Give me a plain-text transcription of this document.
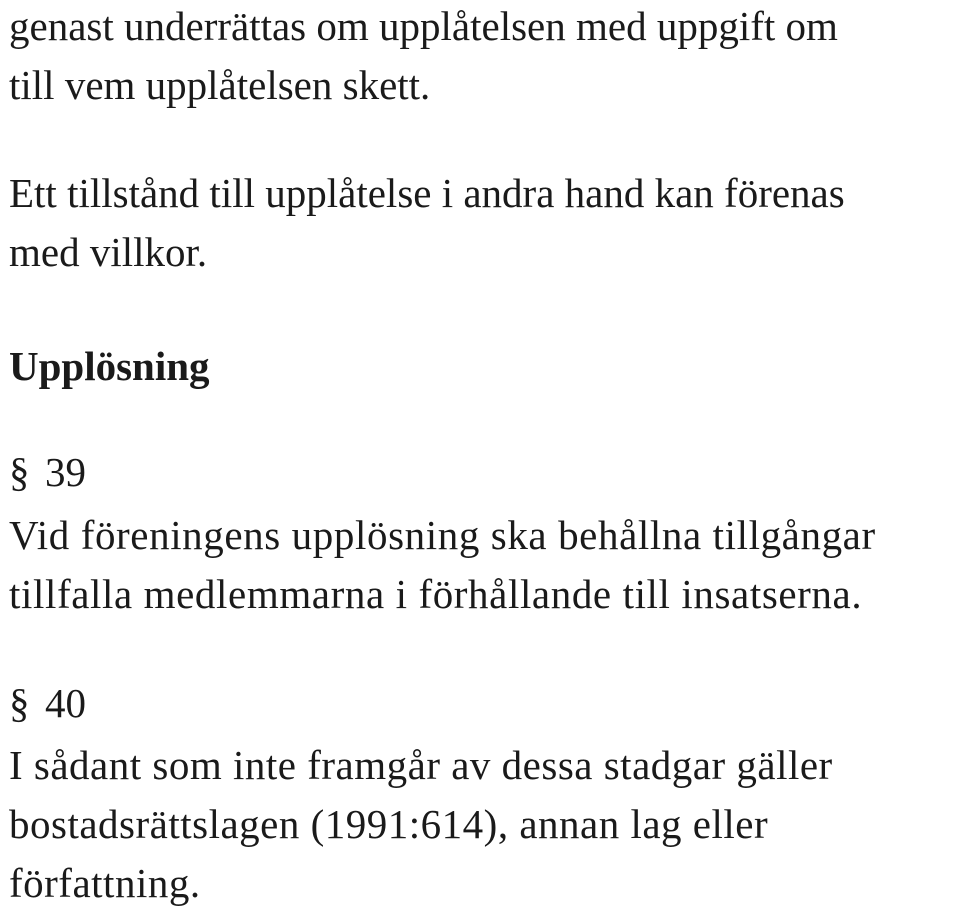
genast underrättas om upplåtelsen med uppgift om
till vem upplåtelsen skett.
Ett tillstånd till upplåtelse i andra hand kan förenas
med villkor.
Upplösning
§ 39
Vid föreningens upplösning ska behållna tillgångar
tillfalla medlemmarna i förhållande till insatserna.
§ 40
I sådant som inte framgår av dessa stadgar gäller
bostadsrättslagen (1991:614), annan lag eller
författning.
